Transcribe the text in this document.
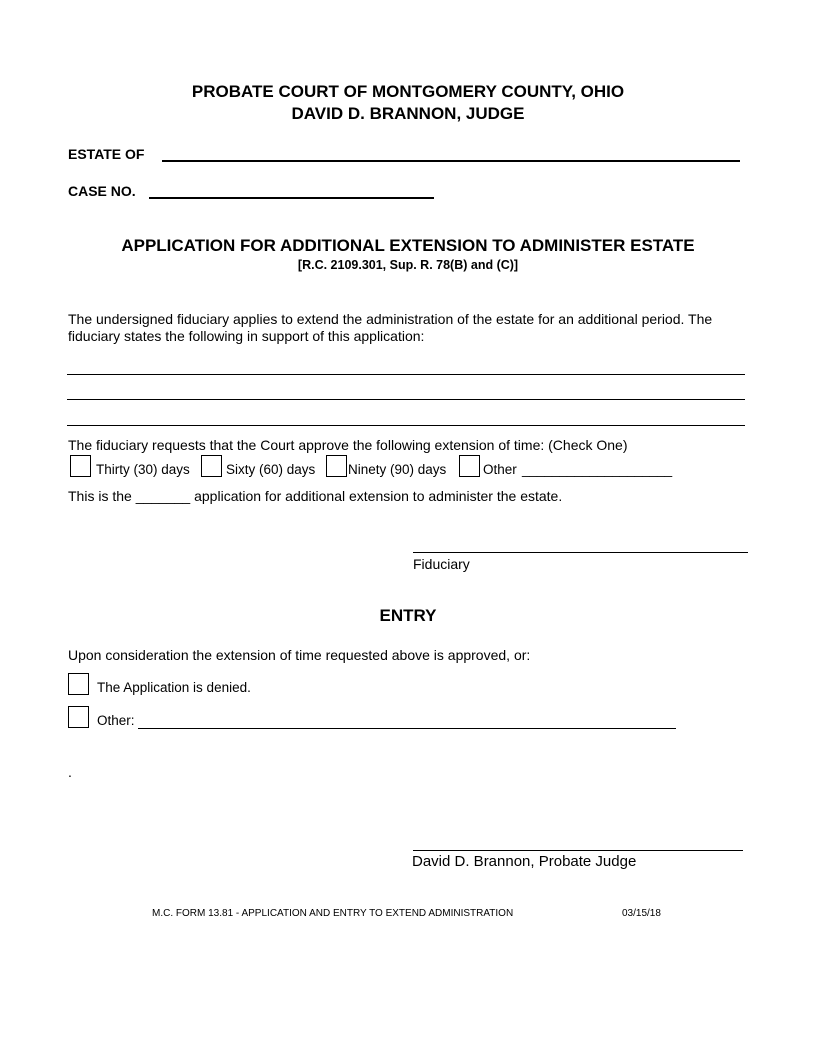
PROBATE COURT OF MONTGOMERY COUNTY, OHIO
DAVID D. BRANNON, JUDGE
ESTATE OF
CASE NO.
APPLICATION FOR ADDITIONAL EXTENSION TO ADMINISTER ESTATE
[R.C. 2109.301, Sup. R. 78(B) and (C)]
The undersigned fiduciary applies to extend the administration of the estate for an additional period. The
fiduciary states the following in support of this application:
The fiduciary requests that the Court approve the following extension of time: (Check One)
Thirty (30) days	Sixty (60) days Ninety (90) days	Other ____________________
This is the _______ application for additional extension to administer the estate.
Fiduciary
ENTRY
Upon consideration the extension of time requested above is approved, or:
The Application is denied.
Other:
.
David D. Brannon, Probate Judge
M.C. FORM 13.81 - APPLICATION AND ENTRY TO EXTEND ADMINISTRATION	03/15/18
